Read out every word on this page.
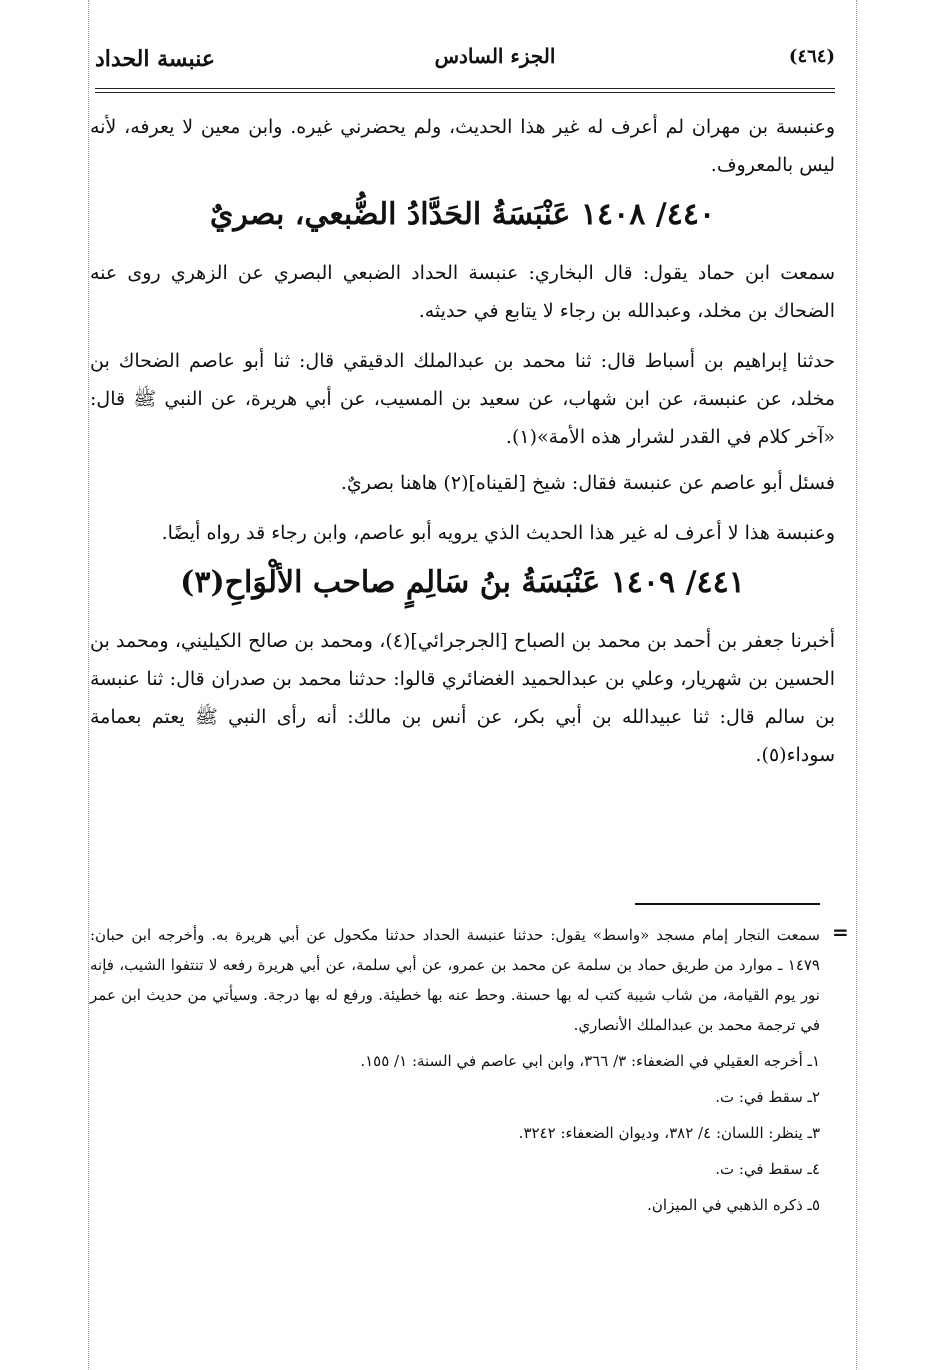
عنبسة الحداد	الجزء السادس	(٤٦٤)

وعنبسة بن مهران لم أعرف له غير هذا الحديث، ولم يحضرني غيره. وابن معين لا يعرفه، لأنه ليس بالمعروف.

٤٤٠/ ١٤٠٨ عَنْبَسَةُ الحَدَّادُ الضُّبعي، بصريٌ

سمعت ابن حماد يقول: قال البخاري: عنبسة الحداد الضبعي البصري عن الزهري روى عنه الضحاك بن مخلد، وعبدالله بن رجاء لا يتابع في حديثه.

حدثنا إبراهيم بن أسباط قال: ثنا محمد بن عبدالملك الدقيقي قال: ثنا أبو عاصم الضحاك بن مخلد، عن عنبسة، عن ابن شهاب، عن سعيد بن المسيب، عن أبي هريرة، عن النبي ﷺ قال: «آخر كلام في القدر لشرار هذه الأمة»(١).

فسئل أبو عاصم عن عنبسة فقال: شيخ [لقيناه](٢) هاهنا بصريٌ.

وعنبسة هذا لا أعرف له غير هذا الحديث الذي يرويه أبو عاصم، وابن رجاء قد رواه أيضًا.

٤٤١/ ١٤٠٩ عَنْبَسَةُ بنُ سَالِمٍ صاحب الألْوَاحِ(٣)

أخبرنا جعفر بن أحمد بن محمد بن الصباح [الجرجرائي](٤)، ومحمد بن صالح الكيليني، ومحمد بن الحسين بن شهريار، وعلي بن عبدالحميد الغضائري قالوا: حدثنا محمد بن صدران قال: ثنا عنبسة بن سالم قال: ثنا عبيدالله بن أبي بكر، عن أنس بن مالك: أنه رأى النبي ﷺ يعتم بعمامة سوداء(٥).

=

سمعت النجار إمام مسجد «واسط» يقول: حدثنا عنبسة الحداد حدثنا مكحول عن أبي هريرة به. وأخرجه ابن حبان: ١٤٧٩ ـ موارد من طريق حماد بن سلمة عن محمد بن عمرو، عن أبي سلمة، عن أبي هريرة رفعه لا تنتفوا الشيب، فإنه نور يوم القيامة، من شاب شيبة كتب له بها حسنة. وحط عنه بها خطيئة. ورفع له بها درجة. وسيأتي من حديث ابن عمر في ترجمة محمد بن عبدالملك الأنصاري.

١ـ أخرجه العقيلي في الضعفاء: ٣/ ٣٦٦، وابن ابي عاصم في السنة: ١/ ١٥٥.

٢ـ سقط في: ت.

٣ـ ينظر: اللسان: ٤/ ٣٨٢، وديوان الضعفاء: ٣٢٤٢.

٤ـ سقط في: ت.

٥ـ ذكره الذهبي في الميزان.
